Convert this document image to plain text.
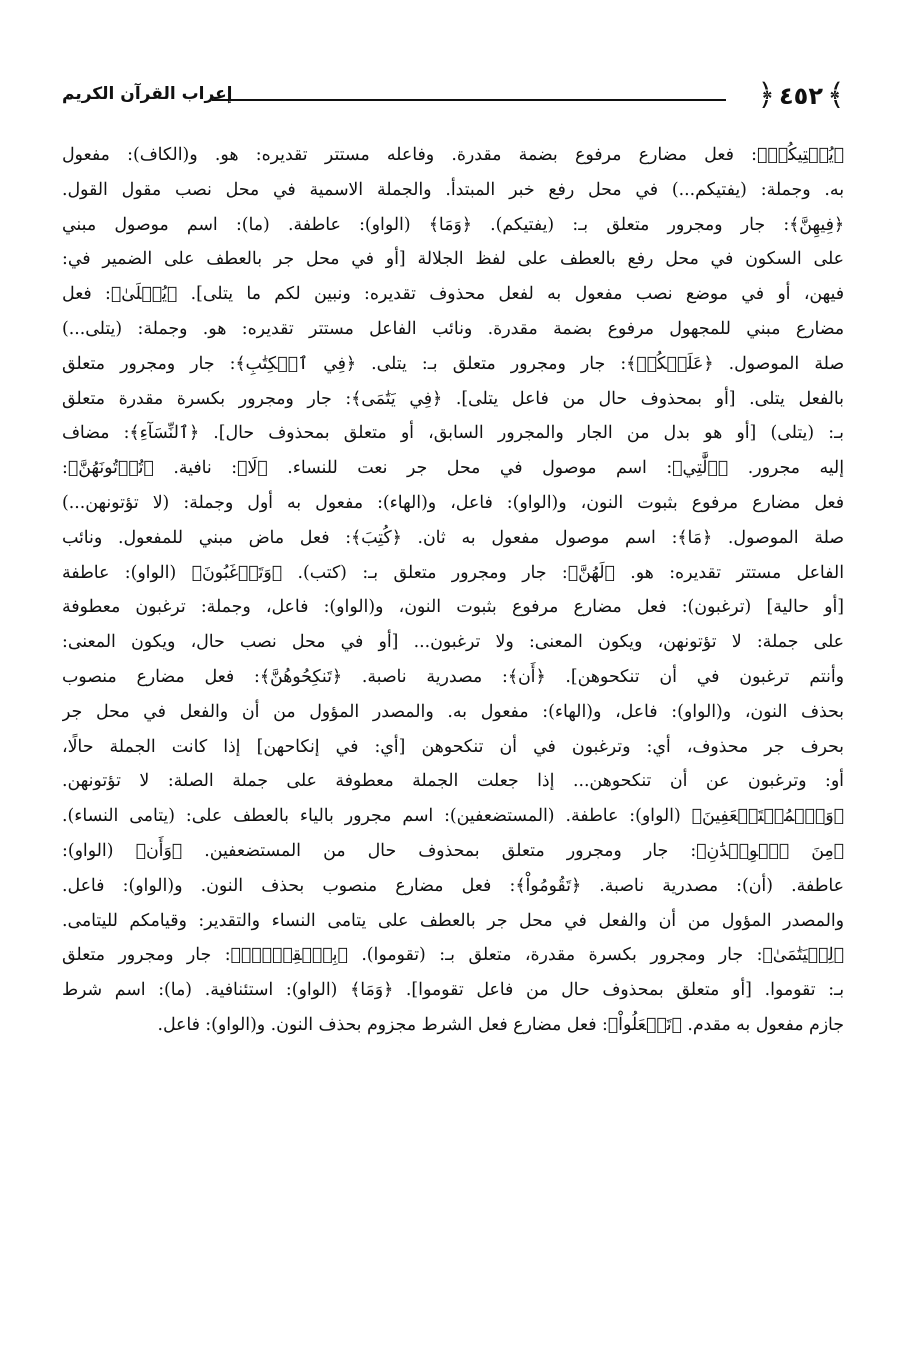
﴾
٤٥٢
﴿
إعراب القرآن الكريم
﴿يُفۡتِيكُمۡ﴾: فعل مضارع مرفوع بضمة مقدرة. وفاعله مستتر تقديره: هو. و(الكاف): مفعول
به. وجملة: (يفتيكم...) في محل رفع خبر المبتدأ. والجملة الاسمية في محل نصب مقول القول.
﴿فِيهِنَّ﴾: جار ومجرور متعلق بـ: (يفتيكم). ﴿وَمَا﴾ (الواو): عاطفة. (ما): اسم موصول مبني
على السكون في محل رفع بالعطف على لفظ الجلالة [أو في محل جر بالعطف على الضمير في:
فيهن، أو في موضع نصب مفعول به لفعل محذوف تقديره: ونبين لكم ما يتلى]. ﴿يُتۡلَىٰ﴾: فعل
مضارع مبني للمجهول مرفوع بضمة مقدرة. ونائب الفاعل مستتر تقديره: هو. وجملة: (يتلى...)
صلة الموصول. ﴿عَلَيۡكُمۡ﴾: جار ومجرور متعلق بـ: يتلى. ﴿فِي ٱلۡكِتَٰبِ﴾: جار ومجرور متعلق
بالفعل يتلى. [أو بمحذوف حال من فاعل يتلى]. ﴿فِي يَتَٰمَى﴾: جار ومجرور بكسرة مقدرة متعلق
بـ: (يتلى) [أو هو بدل من الجار والمجرور السابق، أو متعلق بمحذوف حال]. ﴿ٱلنِّسَآءِ﴾: مضاف
إليه مجرور. ﴿ٱلَّٰتِي﴾: اسم موصول في محل جر نعت للنساء. ﴿لَا﴾: نافية. ﴿تُؤۡتُونَهُنَّ﴾:
فعل مضارع مرفوع بثبوت النون، و(الواو): فاعل، و(الهاء): مفعول به أول وجملة: (لا تؤتونهن...)
صلة الموصول. ﴿مَا﴾: اسم موصول مفعول به ثان. ﴿كُتِبَ﴾: فعل ماض مبني للمفعول. ونائب
الفاعل مستتر تقديره: هو. ﴿لَهُنَّ﴾: جار ومجرور متعلق بـ: (كتب). ﴿وَتَرۡغَبُونَ﴾ (الواو): عاطفة
[أو حالية] (ترغبون): فعل مضارع مرفوع بثبوت النون، و(الواو): فاعل، وجملة: ترغبون معطوفة
على جملة: لا تؤتونهن، ويكون المعنى: ولا ترغبون... [أو في محل نصب حال، ويكون المعنى:
وأنتم ترغبون في أن تنكحوهن]. ﴿أَن﴾: مصدرية ناصبة. ﴿تَنكِحُوهُنَّ﴾: فعل مضارع منصوب
بحذف النون، و(الواو): فاعل، و(الهاء): مفعول به. والمصدر المؤول من أن والفعل في محل جر
بحرف جر محذوف، أي: وترغبون في أن تنكحوهن [أي: في إنكاحهن] إذا كانت الجملة حالًا،
أو: وترغبون عن أن تنكحوهن... إذا جعلت الجملة معطوفة على جملة الصلة: لا تؤتونهن.
﴿وَٱلۡمُسۡتَضۡعَفِينَ﴾ (الواو): عاطفة. (المستضعفين): اسم مجرور بالياء بالعطف على: (يتامى النساء).
﴿مِنَ ٱلۡوِلۡدَٰنِ﴾: جار ومجرور متعلق بمحذوف حال من المستضعفين. ﴿وَأَن﴾ (الواو):
عاطفة. (أن): مصدرية ناصبة. ﴿تَقُومُواْ﴾: فعل مضارع منصوب بحذف النون. و(الواو): فاعل.
والمصدر المؤول من أن والفعل في محل جر بالعطف على يتامى النساء والتقدير: وقيامكم لليتامى.
﴿لِلۡيَتَٰمَىٰ﴾: جار ومجرور بكسرة مقدرة، متعلق بـ: (تقوموا). ﴿بِٱلۡقِسۡطِۚ﴾: جار ومجرور متعلق
بـ: تقوموا. [أو متعلق بمحذوف حال من فاعل تقوموا]. ﴿وَمَا﴾ (الواو): استئنافية. (ما): اسم شرط
جازم مفعول به مقدم. ﴿تَفۡعَلُواْ﴾: فعل مضارع فعل الشرط مجزوم بحذف النون. و(الواو): فاعل.
